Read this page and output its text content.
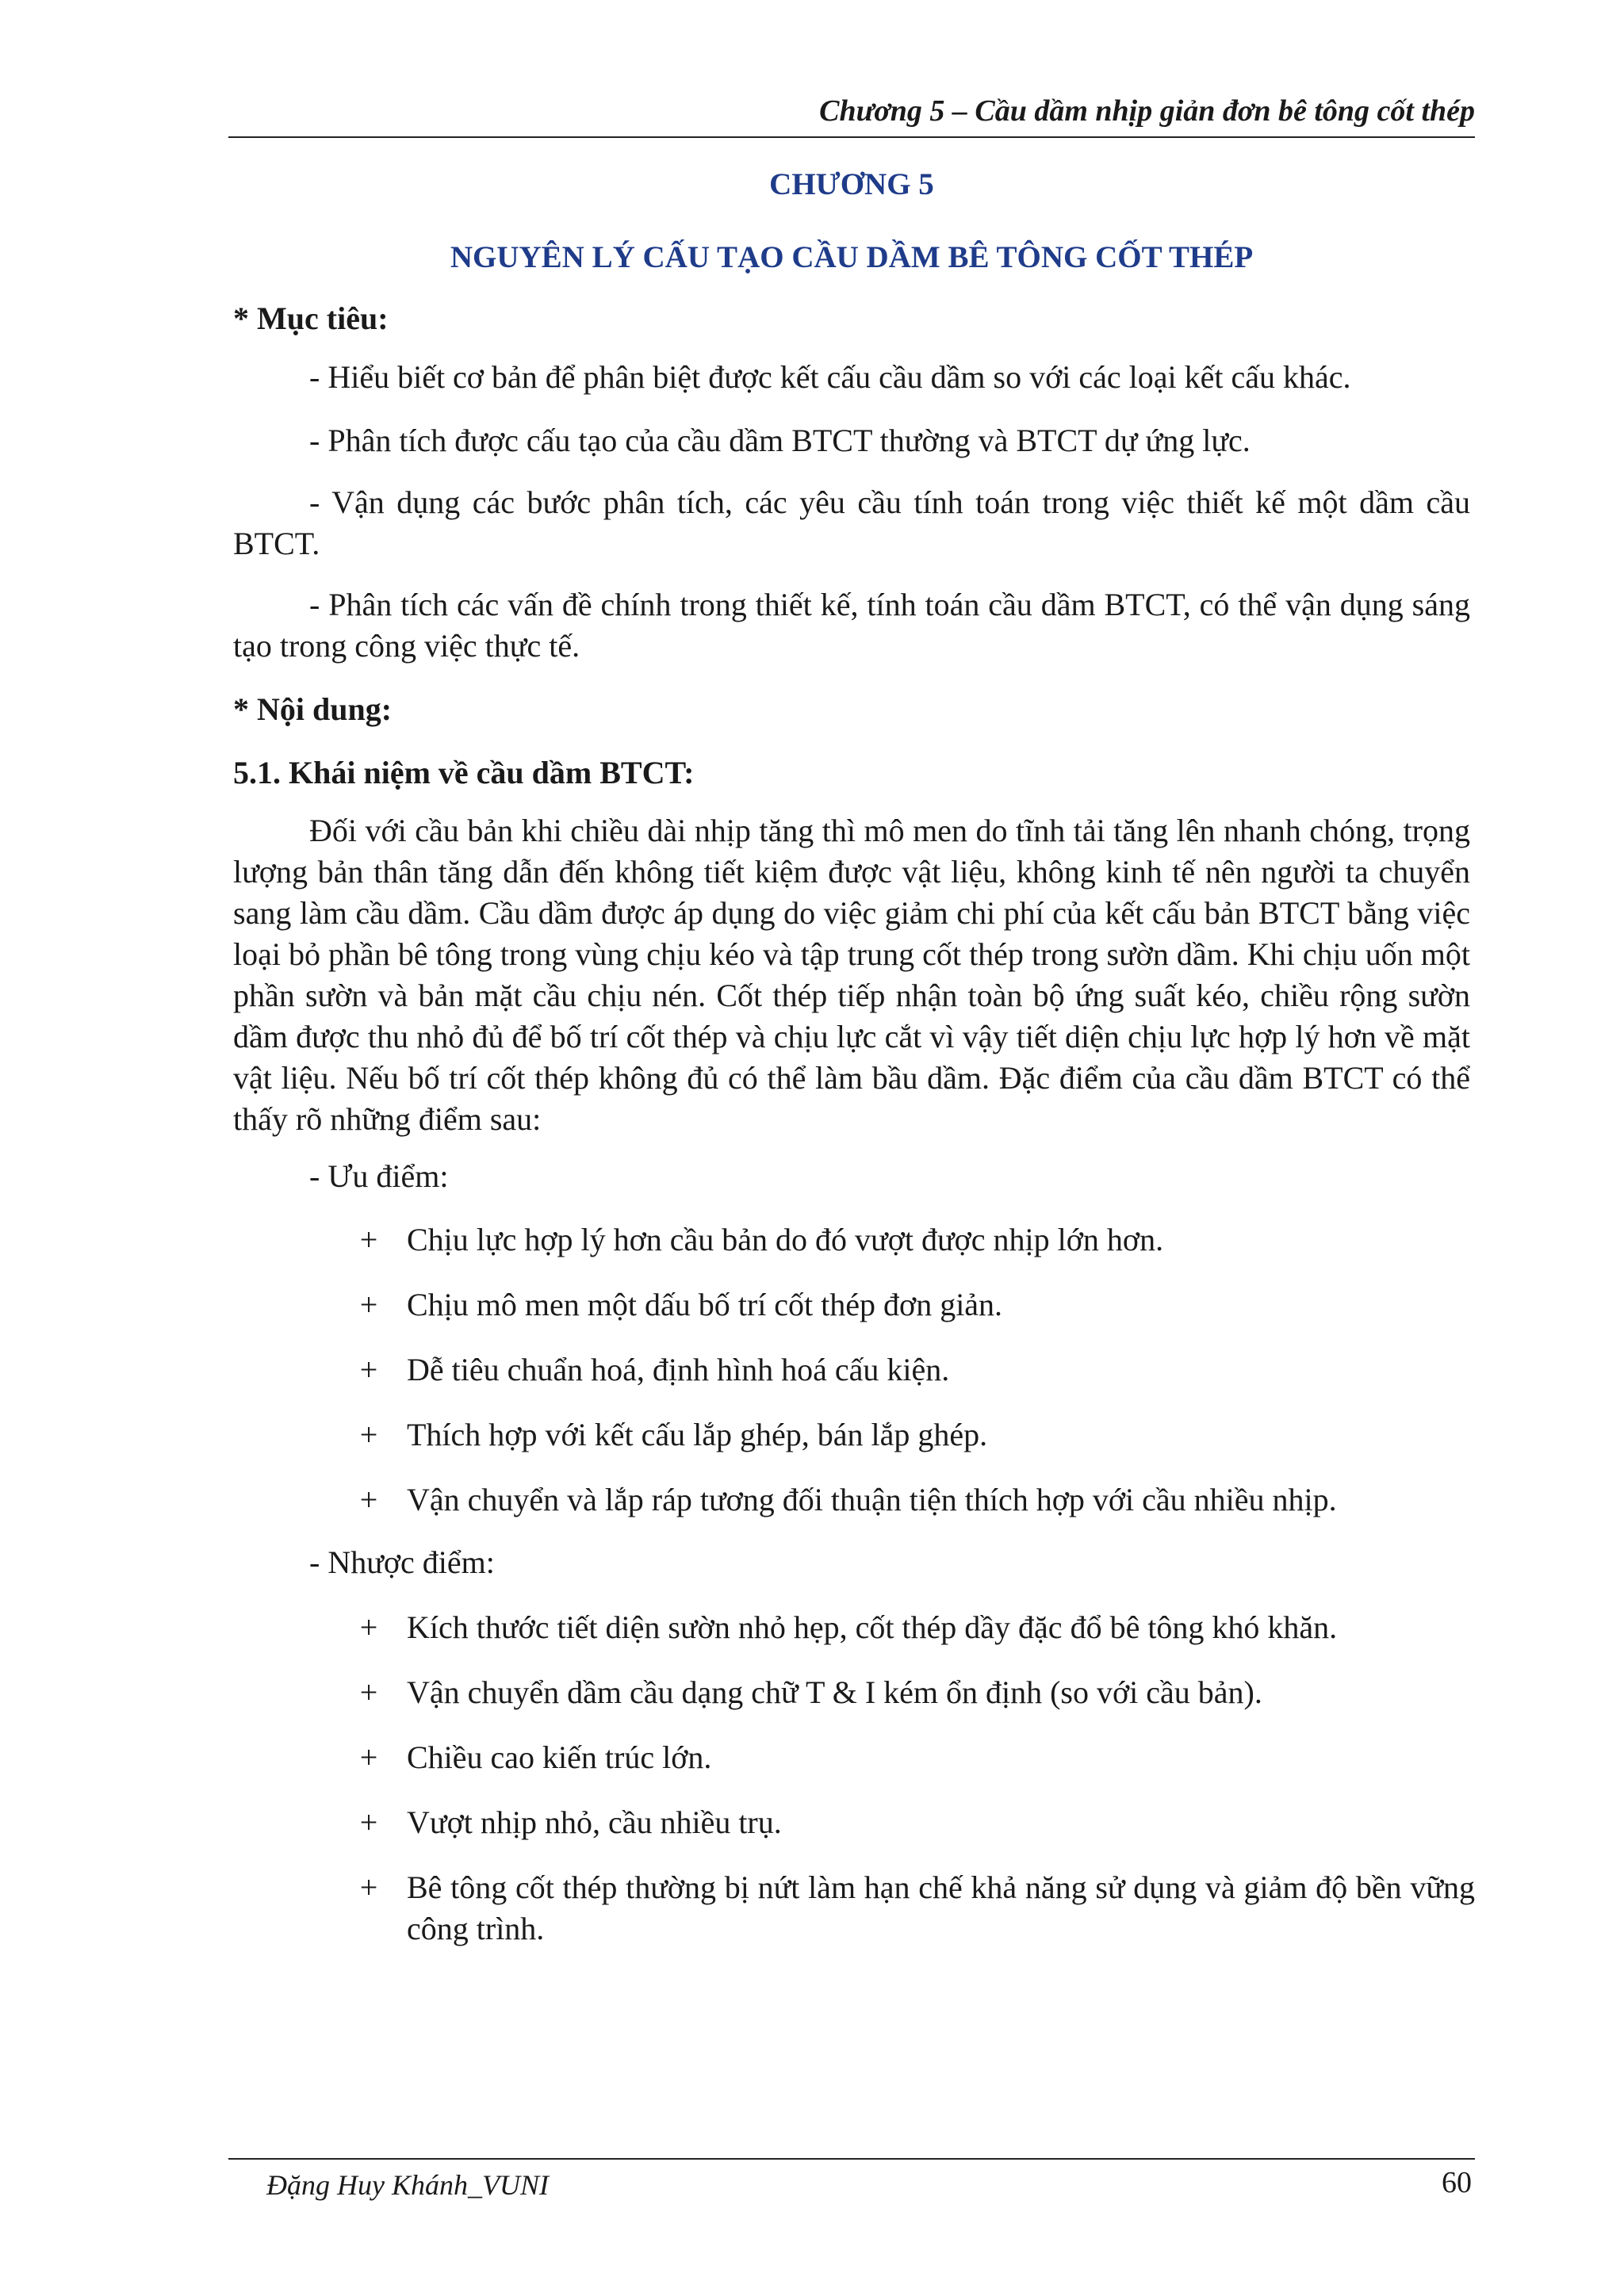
Chương 5 – Cầu dầm nhịp giản đơn bê tông cốt thép
CHƯƠNG 5
NGUYÊN LÝ CẤU TẠO CẦU DẦM BÊ TÔNG CỐT THÉP
* Mục tiêu:
- Hiểu biết cơ bản để phân biệt được kết cấu cầu dầm so với các loại kết cấu khác.
- Phân tích được cấu tạo của cầu dầm BTCT thường và BTCT dự ứng lực.
- Vận dụng các bước phân tích, các yêu cầu tính toán trong việc thiết kế một dầm cầu BTCT.
- Phân tích các vấn đề chính trong thiết kế, tính toán cầu dầm BTCT, có thể vận dụng sáng tạo trong công việc thực tế.
* Nội dung:
5.1. Khái niệm về cầu dầm BTCT:
Đối với cầu bản khi chiều dài nhịp tăng thì mô men do tĩnh tải tăng lên nhanh chóng, trọng lượng bản thân tăng dẫn đến không tiết kiệm được vật liệu, không kinh tế nên người ta chuyển sang làm cầu dầm. Cầu dầm được áp dụng do việc giảm chi phí của kết cấu bản BTCT bằng việc loại bỏ phần bê tông trong vùng chịu kéo và tập trung cốt thép trong sườn dầm. Khi chịu uốn một phần sườn và bản mặt cầu chịu nén. Cốt thép tiếp nhận toàn bộ ứng suất kéo, chiều rộng sườn dầm được thu nhỏ đủ để bố trí cốt thép và chịu lực cắt vì vậy tiết diện chịu lực hợp lý hơn về mặt vật liệu. Nếu bố trí cốt thép không đủ có thể làm bầu dầm. Đặc điểm của cầu dầm BTCT có thể thấy rõ những điểm sau:
- Ưu điểm:
+ Chịu lực hợp lý hơn cầu bản do đó vượt được nhịp lớn hơn.
+ Chịu mô men một dấu bố trí cốt thép đơn giản.
+ Dễ tiêu chuẩn hoá, định hình hoá cấu kiện.
+ Thích hợp với kết cấu lắp ghép, bán lắp ghép.
+ Vận chuyển và lắp ráp tương đối thuận tiện thích hợp với cầu nhiều nhịp.
- Nhược điểm:
+ Kích thước tiết diện sườn nhỏ hẹp, cốt thép dầy đặc đổ bê tông khó khăn.
+ Vận chuyển dầm cầu dạng chữ T & I kém ổn định (so với cầu bản).
+ Chiều cao kiến trúc lớn.
+ Vượt nhịp nhỏ, cầu nhiều trụ.
+ Bê tông cốt thép thường bị nứt làm hạn chế khả năng sử dụng và giảm độ bền vững công trình.
Đặng Huy Khánh_VUNI	60
